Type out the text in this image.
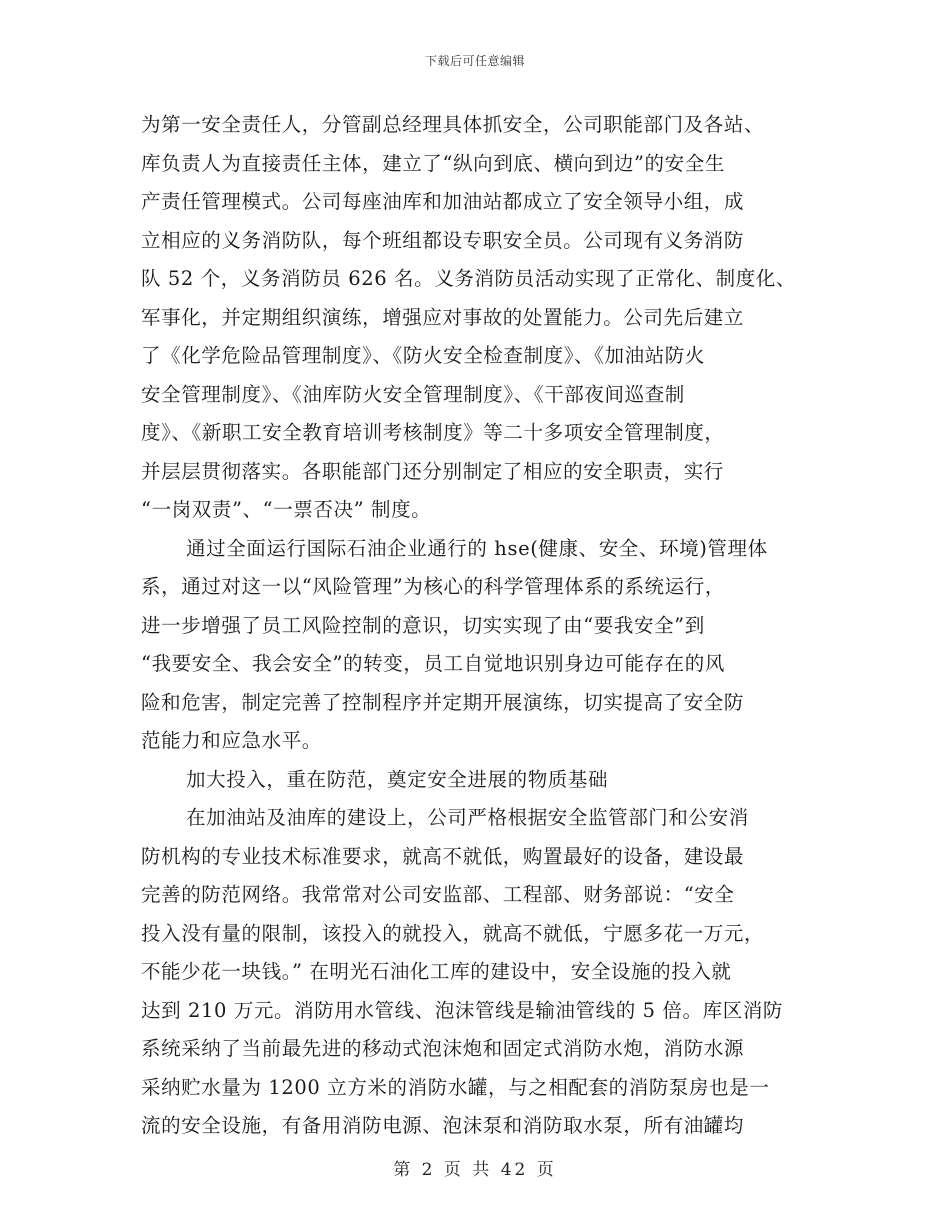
下载后可任意编辑
为第一安全责任人，分管副总经理具体抓安全，公司职能部门及各站、
库负责人为直接责任主体，建立了“纵向到底、横向到边”的安全生
产责任管理模式。公司每座油库和加油站都成立了安全领导小组，成
立相应的义务消防队，每个班组都设专职安全员。公司现有义务消防
队 52 个，义务消防员 626 名。义务消防员活动实现了正常化、制度化、
军事化，并定期组织演练，增强应对事故的处置能力。公司先后建立
了《化学危险品管理制度》、《防火安全检查制度》、《加油站防火
安全管理制度》、《油库防火安全管理制度》、《干部夜间巡查制
度》、《新职工安全教育培训考核制度》等二十多项安全管理制度，
并层层贯彻落实。各职能部门还分别制定了相应的安全职责，实行
“一岗双责”、“一票否决” 制度。
通过全面运行国际石油企业通行的 hse(健康、安全、环境)管理体
系，通过对这一以“风险管理”为核心的科学管理体系的系统运行，
进一步增强了员工风险控制的意识，切实实现了由“要我安全”到
“我要安全、我会安全”的转变，员工自觉地识别身边可能存在的风
险和危害，制定完善了控制程序并定期开展演练，切实提高了安全防
范能力和应急水平。
加大投入，重在防范，奠定安全进展的物质基础
在加油站及油库的建设上，公司严格根据安全监管部门和公安消
防机构的专业技术标准要求，就高不就低，购置最好的设备，建设最
完善的防范网络。我常常对公司安监部、工程部、财务部说：“安全
投入没有量的限制，该投入的就投入，就高不就低，宁愿多花一万元，
不能少花一块钱。” 在明光石油化工库的建设中，安全设施的投入就
达到 210 万元。消防用水管线、泡沫管线是输油管线的 5 倍。库区消防
系统采纳了当前最先进的移动式泡沫炮和固定式消防水炮，消防水源
采纳贮水量为 1200 立方米的消防水罐，与之相配套的消防泵房也是一
流的安全设施，有备用消防电源、泡沫泵和消防取水泵，所有油罐均
第 2 页 共 42 页
